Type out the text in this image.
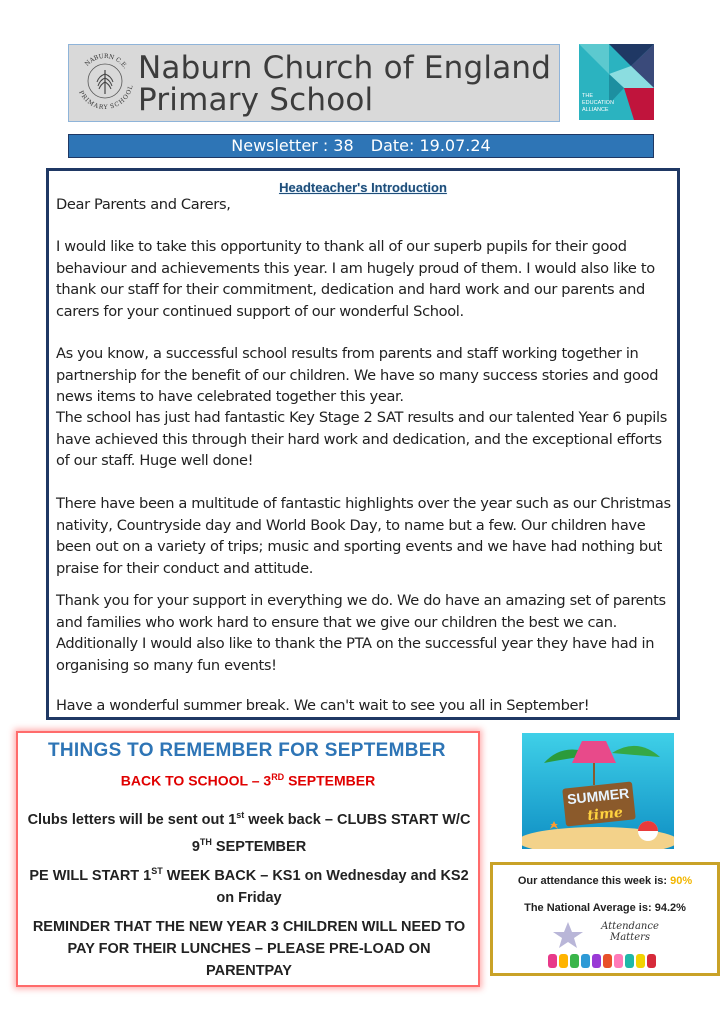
NABURN C.E.
PRIMARY SCHOOL
Naburn Church of England
Primary School	THE
EDUCATION
ALLIANCE
Newsletter : 38 Date: 19.07.24
Headteacher's Introduction
Dear Parents and Carers,
I would like to take this opportunity to thank all of our superb pupils for their good behaviour and achievements this year. I am hugely proud of them. I would also like to thank our staff for their commitment, dedication and hard work and our parents and carers for your continued support of our wonderful School.
As you know, a successful school results from parents and staff working together in partnership for the benefit of our children. We have so many success stories and good news items to have celebrated together this year.
The school has just had fantastic Key Stage 2 SAT results and our talented Year 6 pupils have achieved this through their hard work and dedication, and the exceptional efforts of our staff. Huge well done!
There have been a multitude of fantastic highlights over the year such as our Christmas nativity, Countryside day and World Book Day, to name but a few. Our children have been out on a variety of trips; music and sporting events and we have had nothing but praise for their conduct and attitude.
Thank you for your support in everything we do. We do have an amazing set of parents and families who work hard to ensure that we give our children the best we can. Additionally I would also like to thank the PTA on the successful year they have had in organising so many fun events!
Have a wonderful summer break. We can't wait to see you all in September!
THINGS TO REMEMBER FOR SEPTEMBER
BACK TO SCHOOL – 3RD SEPTEMBER
Clubs letters will be sent out 1st week back – CLUBS START W/C 9TH SEPTEMBER
PE WILL START 1ST WEEK BACK – KS1 on Wednesday and KS2 on Friday
REMINDER THAT THE NEW YEAR 3 CHILDREN WILL NEED TO PAY FOR THEIR LUNCHES – PLEASE PRE-LOAD ON PARENTPAY
SUMMER
time
Our attendance this week is: 90%
The National Average is: 94.2%
Attendance
Matters
